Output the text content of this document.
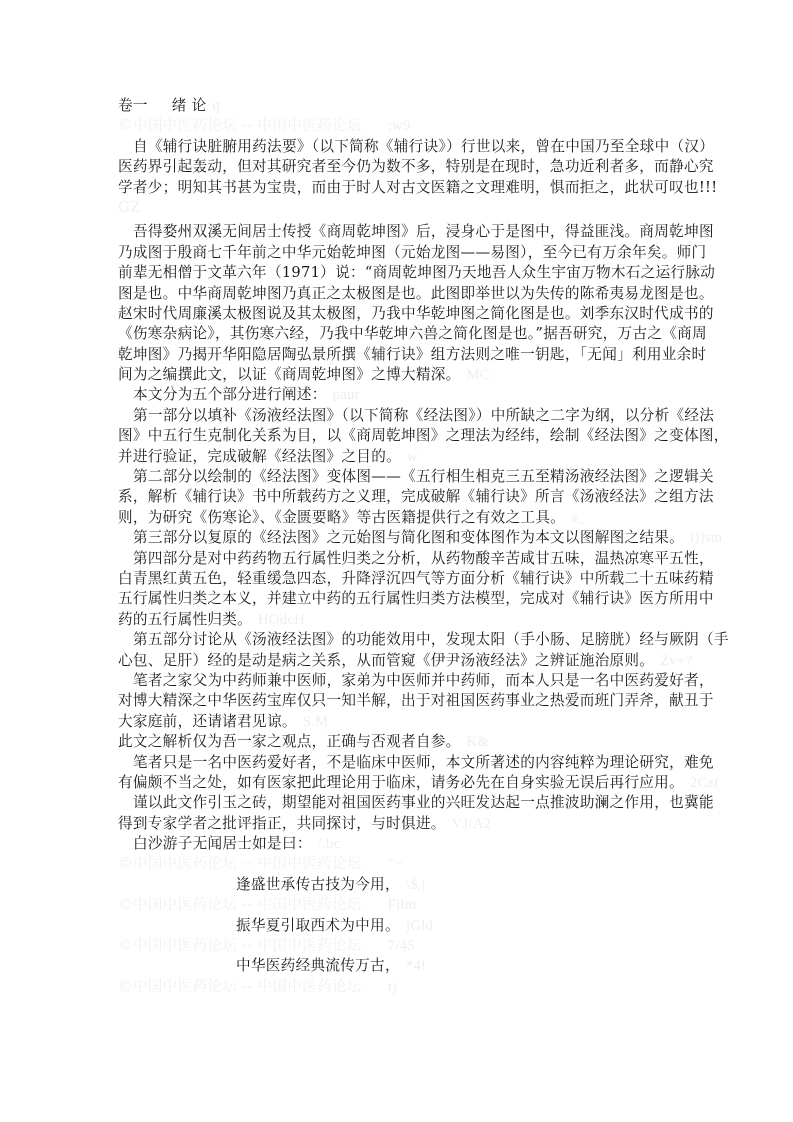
卷一 绪 论 q
©中国中医药论坛 -- 中国中医药论坛 ;w9
自《辅行诀脏腑用药法要》（以下简称《辅行诀》）行世以来，曾在中国乃至全球中（汉）
医药界引起轰动，但对其研究者至今仍为数不多，特别是在现时，急功近利者多，而静心究
学者少；明知其书甚为宝贵，而由于时人对古文医籍之文理难明，惧而拒之，此状可叹也!!!
GZ
吾得婺州双溪无间居士传授《商周乾坤图》后，浸身心于是图中，得益匪浅。商周乾坤图
乃成图于殷商七千年前之中华元始乾坤图（元始龙图——易图），至今已有万余年矣。师门
前辈无相僧于文革六年（1971）说：“商周乾坤图乃天地吾人众生宇宙万物木石之运行脉动
图是也。中华商周乾坤图乃真正之太极图是也。此图即举世以为失传的陈希夷易龙图是也。
赵宋时代周廉溪太极图说及其太极图，乃我中华乾坤图之简化图是也。刘季东汉时代成书的
《伤寒杂病论》，其伤寒六经，乃我中华乾坤六兽之简化图是也。”据吾研究，万古之《商周
乾坤图》乃揭开华阳隐居陶弘景所撰《辅行诀》组方法则之唯一钥匙，「无闻」利用业余时
间为之编撰此文，以证《商周乾坤图》之博大精深。 MC
本文分为五个部分进行阐述： paur
第一部分以填补《汤液经法图》（以下简称《经法图》）中所缺之二字为纲，以分析《经法
图》中五行生克制化关系为目，以《商周乾坤图》之理法为经纬，绘制《经法图》之变体图，
并进行验证，完成破解《经法图》之目的。 w
第二部分以绘制的《经法图》变体图——《五行相生相克三五至精汤液经法图》之逻辑关
系，解析《辅行诀》书中所载药方之义理，完成破解《辅行诀》所言《汤液经法》之组方法
则，为研究《伤寒论》、《金匮要略》等古医籍提供行之有效之工具。 a_
第三部分以复原的《经法图》之元始图与简化图和变体图作为本文以图解图之结果。 i)]sm
第四部分是对中药药物五行属性归类之分析，从药物酸辛苦咸甘五味，温热凉寒平五性，
白青黑红黄五色，轻重缓急四态，升降浮沉四气等方面分析《辅行诀》中所载二十五味药精
五行属性归类之本义，并建立中药的五行属性归类方法模型，完成对《辅行诀》医方所用中
药的五行属性归类。 HOdcH
第五部分讨论从《汤液经法图》的功能效用中，发现太阳（手小肠、足膀胱）经与厥阴（手
心包、足肝）经的是动是病之关系，从而管窥《伊尹汤液经法》之辨证施治原则。 Zv+?
笔者之家父为中药师兼中医师，家弟为中医师并中药师，而本人只是一名中医药爱好者，
对博大精深之中华医药宝库仅只一知半解，出于对祖国医药事业之热爱而班门弄斧，献丑于
大家庭前，还请诸君见谅。 S.M
此文之解析仅为吾一家之观点，正确与否观者自参。 K&
笔者只是一名中医药爱好者，不是临床中医师，本文所著述的内容纯粹为理论研究，难免
有偏颇不当之处，如有医家把此理论用于临床，请务必先在自身实验无误后再行应用。 2Cz(
谨以此文作引玉之砖，期望能对祖国医药事业的兴旺发达起一点推波助澜之作用，也冀能
得到专家学者之批评指正，共同探讨，与时俱进。 VJ/A2
白沙游子无闻居士如是曰： /.bc
©中国中医药论坛 -- 中国中医药论坛 "~
逢盛世承传古技为今用， \$,|
©中国中医药论坛 -- 中国中医药论坛 Film
振华夏引取西术为中用。 jGld
©中国中医药论坛 -- 中国中医药论坛 7/45
中华医药经典流传万古， *4!
©中国中医药论坛 -- 中国中医药论坛 rj
